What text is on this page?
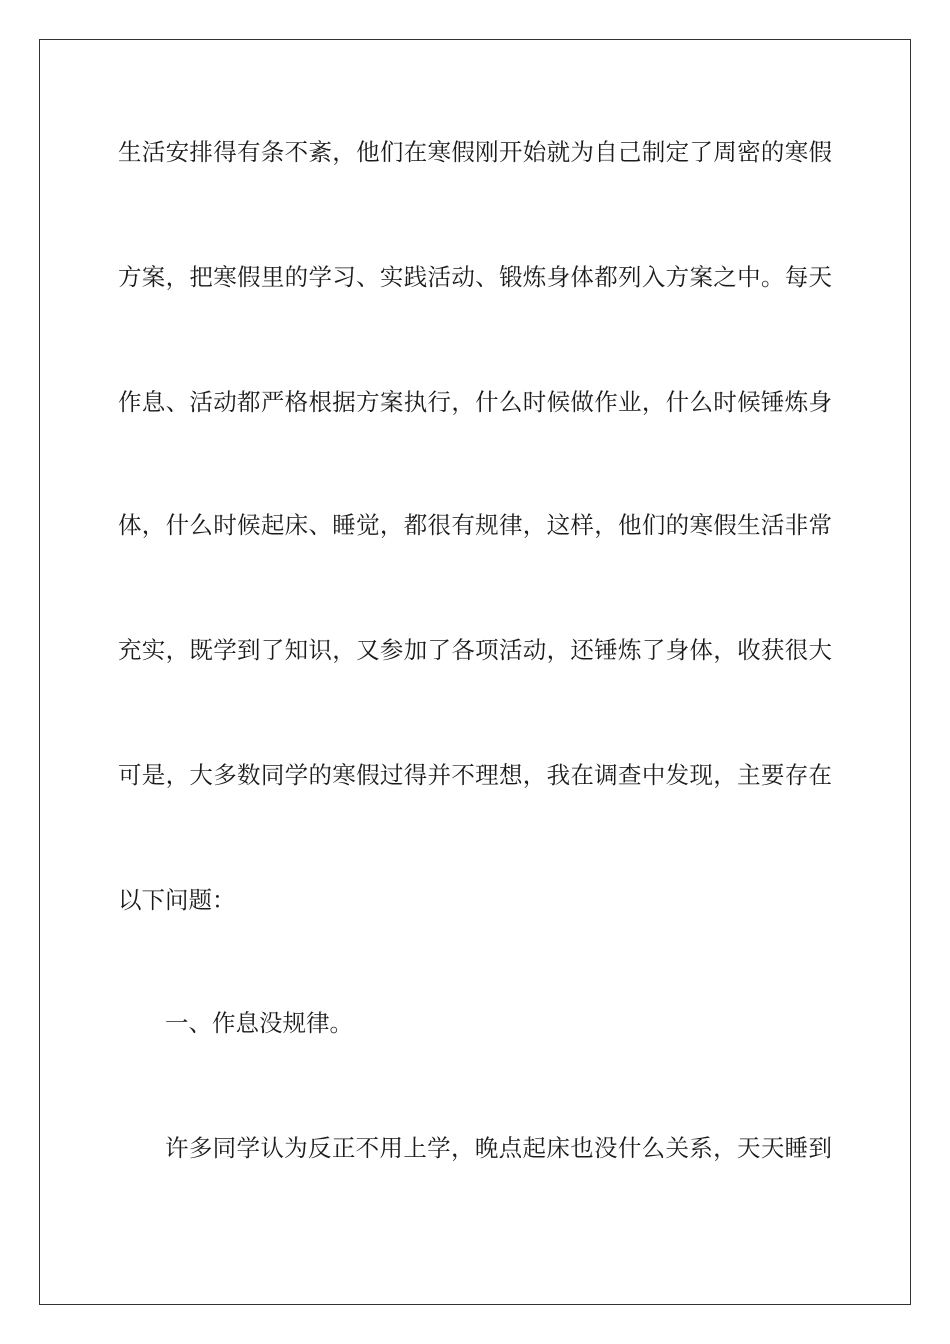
生活安排得有条不紊，他们在寒假刚开始就为自己制定了周密的寒假
方案，把寒假里的学习、实践活动、锻炼身体都列入方案之中。每天
作息、活动都严格根据方案执行，什么时候做作业，什么时候锤炼身
体，什么时候起床、睡觉，都很有规律，这样，他们的寒假生活非常
充实，既学到了知识，又参加了各项活动，还锤炼了身体，收获很大
可是，大多数同学的寒假过得并不理想，我在调查中发现，主要存在
以下问题：
一、作息没规律。
许多同学认为反正不用上学，晚点起床也没什么关系，天天睡到
